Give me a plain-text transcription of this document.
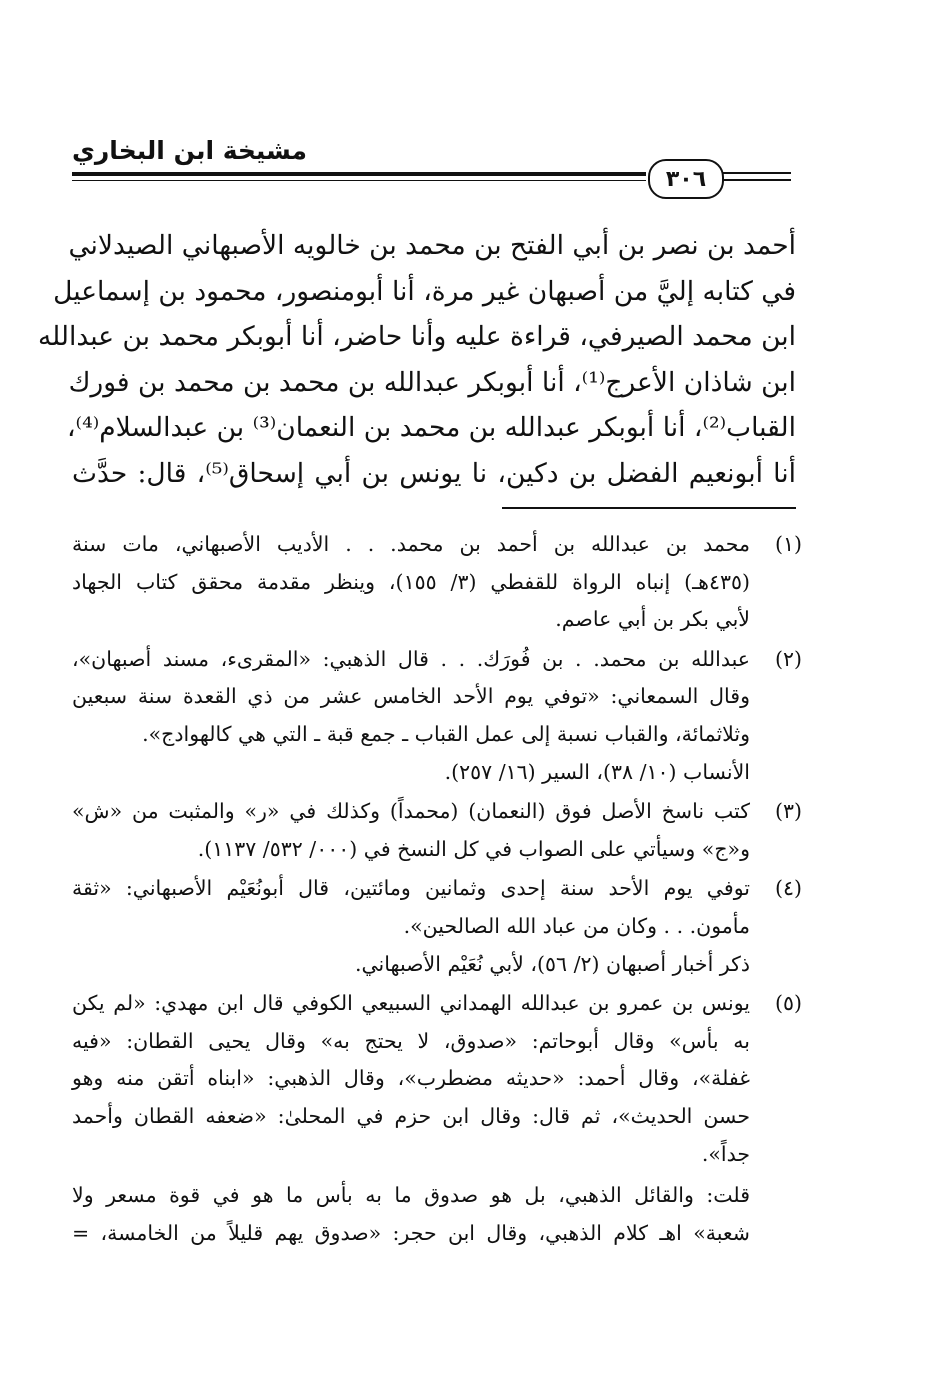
مشيخة ابن البخاري
٣٠٦
أحمد بن نصر بن أبي الفتح بن محمد بن خالويه الأصبهاني الصيدلاني
في كتابه إليَّ من أصبهان غير مرة، أنا أبومنصور، محمود بن إسماعيل
ابن محمد الصيرفي، قراءة عليه وأنا حاضر، أنا أبوبكر محمد بن عبدالله
ابن شاذان الأعرج⁽¹⁾، أنا أبوبكر عبدالله بن محمد بن محمد بن فورك
القباب⁽²⁾، أنا أبوبكر عبدالله بن محمد بن النعمان⁽³⁾ بن عبدالسلام⁽⁴⁾،
أنا أبونعيم الفضل بن دكين، نا يونس بن أبي إسحاق⁽⁵⁾، قال: حدَّث
(١)
محمد بن عبدالله بن أحمد بن محمد. . . الأديب الأصبهاني، مات سنة
(٤٣٥هـ) إنباه الرواة للقفطي (٣/ ١٥٥)، وينظر مقدمة محقق كتاب الجهاد
لأبي بكر بن أبي عاصم.
(٢)
عبدالله بن محمد. . بن فُورَك. . . قال الذهبي: «المقرىء، مسند أصبهان»،
وقال السمعاني: «توفي يوم الأحد الخامس عشر من ذي القعدة سنة سبعين
وثلاثمائة، والقباب نسبة إلى عمل القباب ـ جمع قبة ـ التي هي كالهوادج».
الأنساب (١٠/ ٣٨)، السير (١٦/ ٢٥٧).
(٣)
كتب ناسخ الأصل فوق (النعمان) (محمداً) وكذلك في «ر» والمثبت من «ش»
و«ج» وسيأتي على الصواب في كل النسخ في (٠٠٠/ ٥٣٢/ ١١٣٧).
(٤)
توفي يوم الأحد سنة إحدى وثمانين ومائتين، قال أبونُعَيْم الأصبهاني: «ثقة
مأمون. . . وكان من عباد الله الصالحين».
ذكر أخبار أصبهان (٢/ ٥٦)، لأبي نُعَيْم الأصبهاني.
(٥)
يونس بن عمرو بن عبدالله الهمداني السبيعي الكوفي قال ابن مهدي: «لم يكن
به بأس» وقال أبوحاتم: «صدوق، لا يحتج به» وقال يحيى القطان: «فيه
غفلة»، وقال أحمد: «حديثه مضطرب»، وقال الذهبي: «ابناه أتقن منه وهو
حسن الحديث»، ثم قال: وقال ابن حزم في المحلىٰ: «ضعفه القطان وأحمد
جداً».
قلت: والقائل الذهبي، بل هو صدوق ما به بأس ما هو في قوة مسعر ولا
شعبة» اهـ كلام الذهبي، وقال ابن حجر: «صدوق يهم قليلاً من الخامسة، =
